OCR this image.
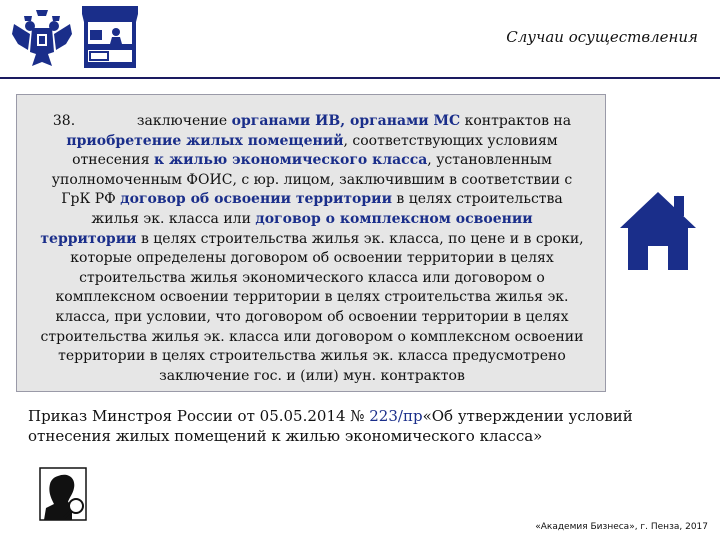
Случаи осуществления
38.	заключение органами ИВ, органами МС контрактов на
приобретение жилых помещений, соответствующих условиям
отнесения к жилью экономического класса, установленным
уполномоченным ФОИС, с юр. лицом, заключившим в соответствии с
ГрК РФ договор об освоении территории в целях строительства
жилья эк. класса или договор о комплексном освоении
территории в целях строительства жилья эк. класса, по цене и в сроки,
которые определены договором об освоении территории в целях
строительства жилья экономического класса или договором о
комплексном освоении территории в целях строительства жилья эк.
класса, при условии, что договором об освоении территории в целях
строительства жилья эк. класса или договором о комплексном освоении
территории в целях строительства жилья эк. класса предусмотрено
заключение гос. и (или) мун. контрактов
Приказ Минстроя России от 05.05.2014 № 223/пр«Об утверждении условий отнесения жилых помещений к жилью экономического класса»
«Академия Бизнеса», г. Пенза, 2017
